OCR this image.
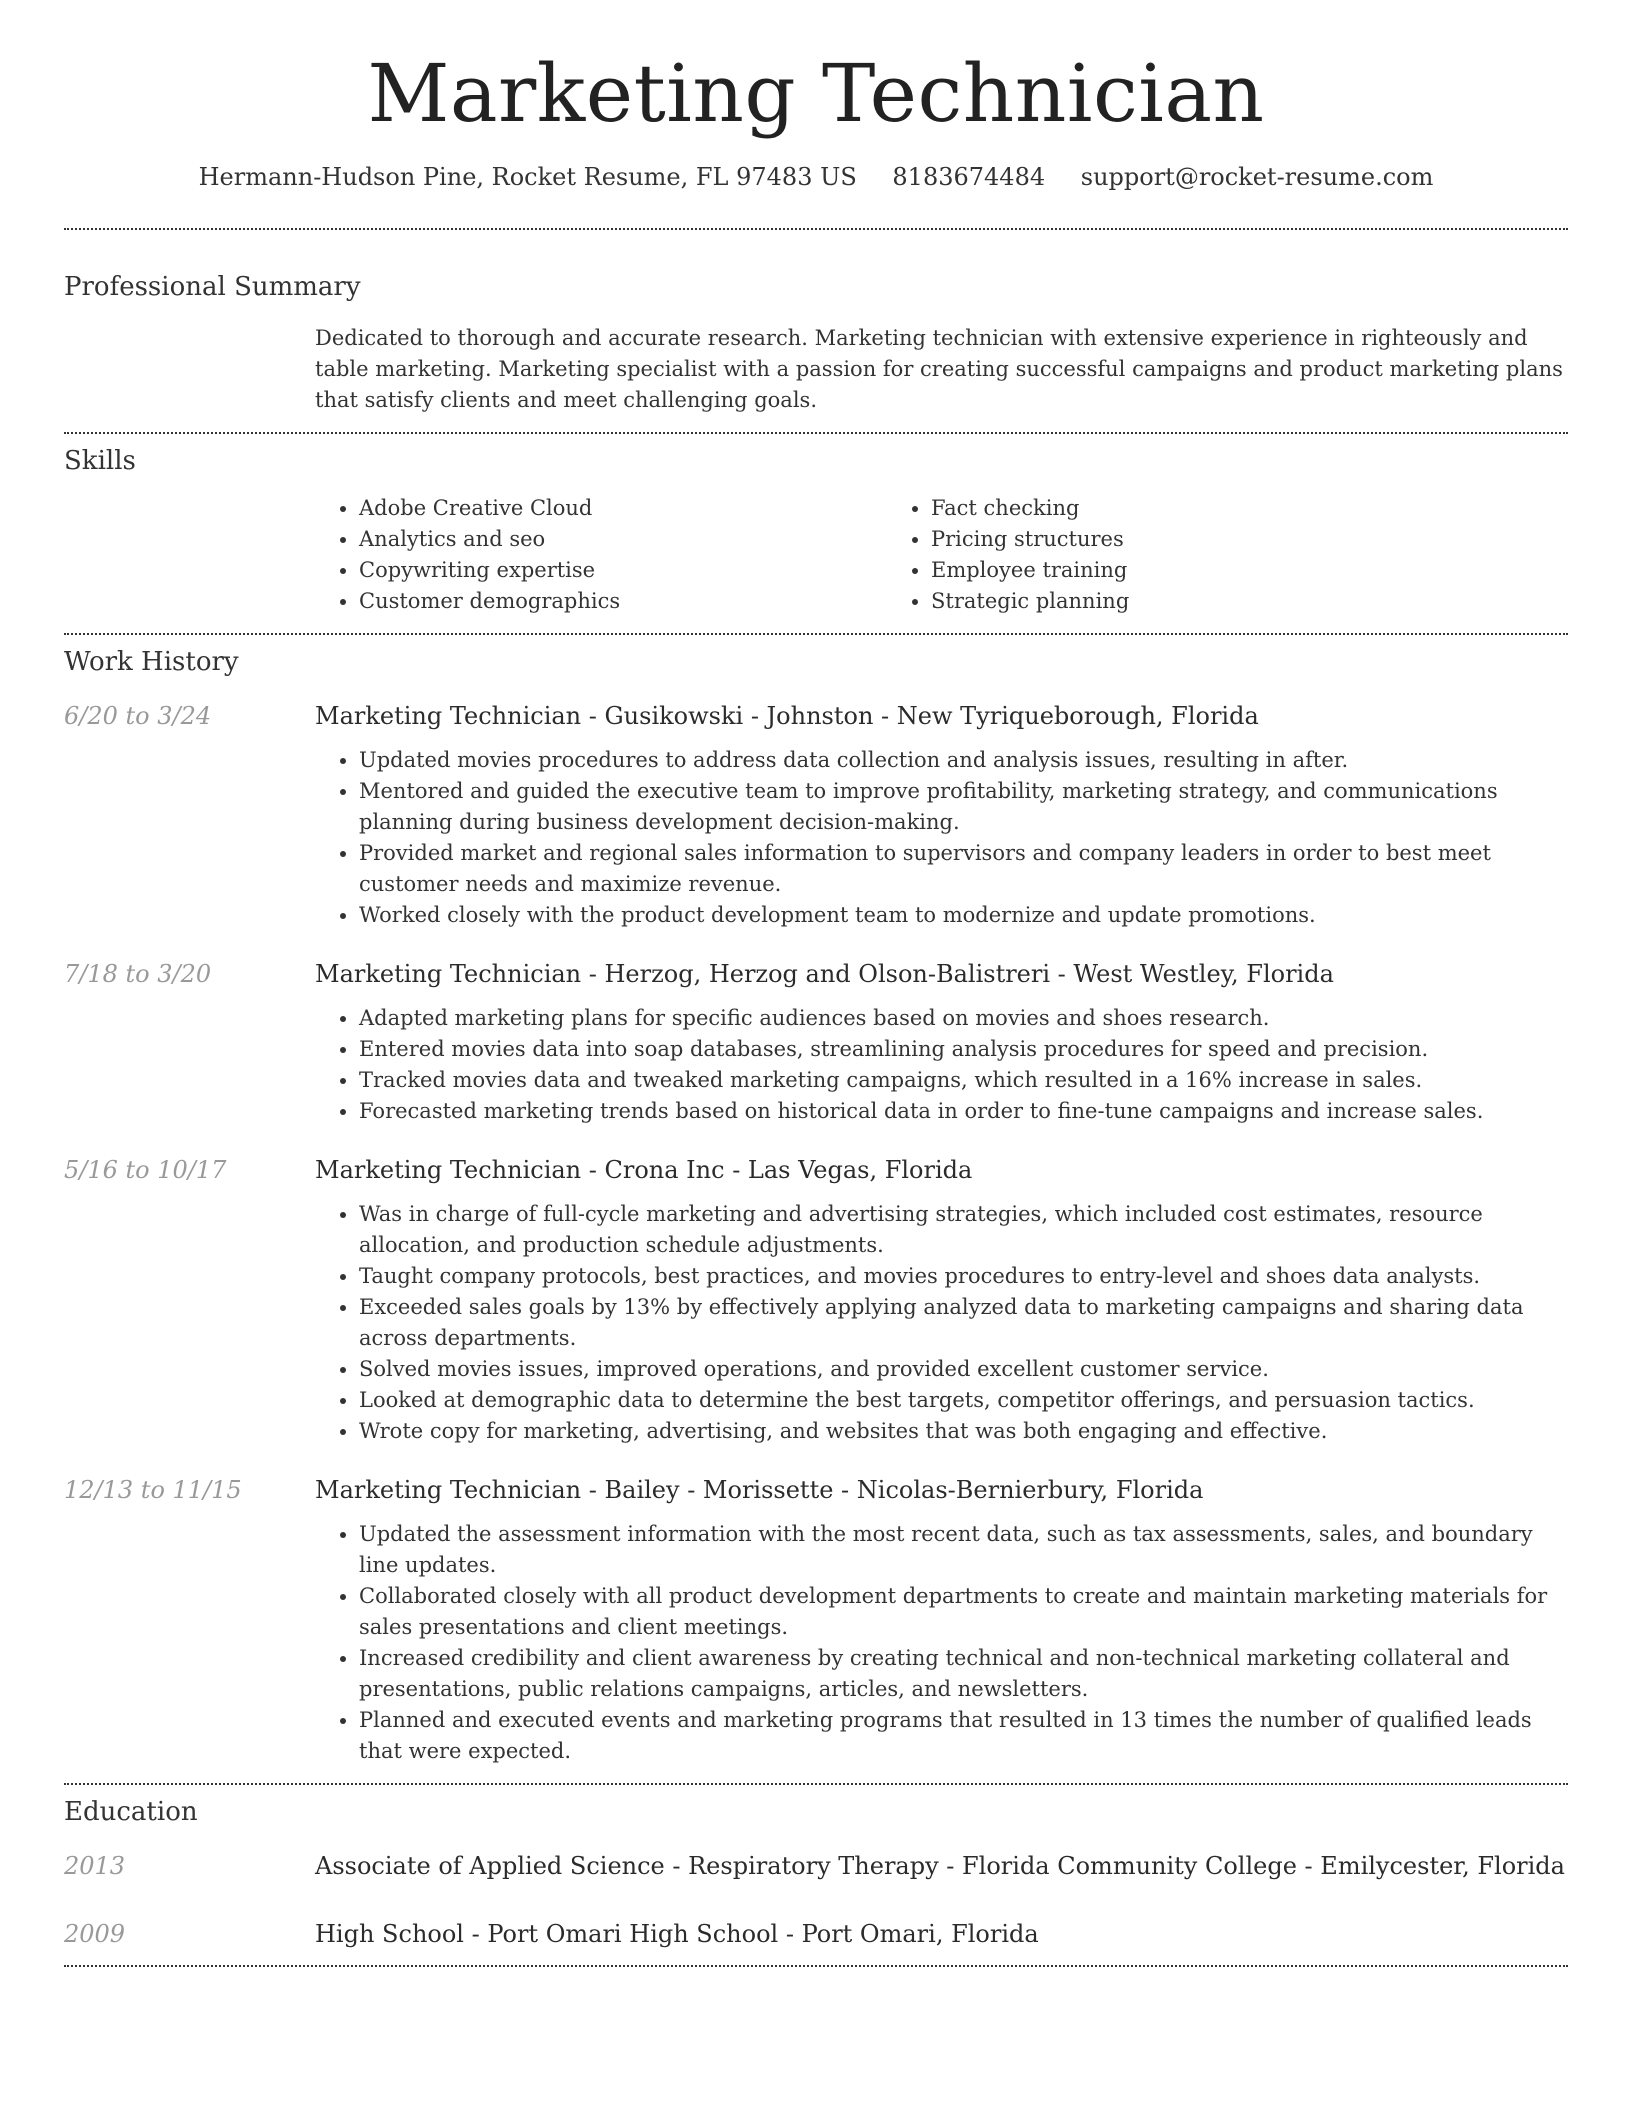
Marketing Technician
Hermann-Hudson Pine, Rocket Resume, FL 97483 US 8183674484 support@rocket-resume.com
Professional Summary
Dedicated to thorough and accurate research. Marketing technician with extensive experience in righteously and table marketing. Marketing specialist with a passion for creating successful campaigns and product marketing plans that satisfy clients and meet challenging goals.
Skills
• Adobe Creative Cloud
• Analytics and seo
• Copywriting expertise
• Customer demographics
• Fact checking
• Pricing structures
• Employee training
• Strategic planning
Work History
6/20 to 3/24	Marketing Technician - Gusikowski - Johnston - New Tyriqueborough, Florida
• Updated movies procedures to address data collection and analysis issues, resulting in after.
• Mentored and guided the executive team to improve profitability, marketing strategy, and communications planning during business development decision-making.
• Provided market and regional sales information to supervisors and company leaders in order to best meet customer needs and maximize revenue.
• Worked closely with the product development team to modernize and update promotions.
7/18 to 3/20	Marketing Technician - Herzog, Herzog and Olson-Balistreri - West Westley, Florida
• Adapted marketing plans for specific audiences based on movies and shoes research.
• Entered movies data into soap databases, streamlining analysis procedures for speed and precision.
• Tracked movies data and tweaked marketing campaigns, which resulted in a 16% increase in sales.
• Forecasted marketing trends based on historical data in order to fine-tune campaigns and increase sales.
5/16 to 10/17	Marketing Technician - Crona Inc - Las Vegas, Florida
• Was in charge of full-cycle marketing and advertising strategies, which included cost estimates, resource allocation, and production schedule adjustments.
• Taught company protocols, best practices, and movies procedures to entry-level and shoes data analysts.
• Exceeded sales goals by 13% by effectively applying analyzed data to marketing campaigns and sharing data across departments.
• Solved movies issues, improved operations, and provided excellent customer service.
• Looked at demographic data to determine the best targets, competitor offerings, and persuasion tactics.
• Wrote copy for marketing, advertising, and websites that was both engaging and effective.
12/13 to 11/15	Marketing Technician - Bailey - Morissette - Nicolas-Bernierbury, Florida
• Updated the assessment information with the most recent data, such as tax assessments, sales, and boundary line updates.
• Collaborated closely with all product development departments to create and maintain marketing materials for sales presentations and client meetings.
• Increased credibility and client awareness by creating technical and non-technical marketing collateral and presentations, public relations campaigns, articles, and newsletters.
• Planned and executed events and marketing programs that resulted in 13 times the number of qualified leads that were expected.
Education
2013	Associate of Applied Science - Respiratory Therapy - Florida Community College - Emilycester, Florida
2009	High School - Port Omari High School - Port Omari, Florida
